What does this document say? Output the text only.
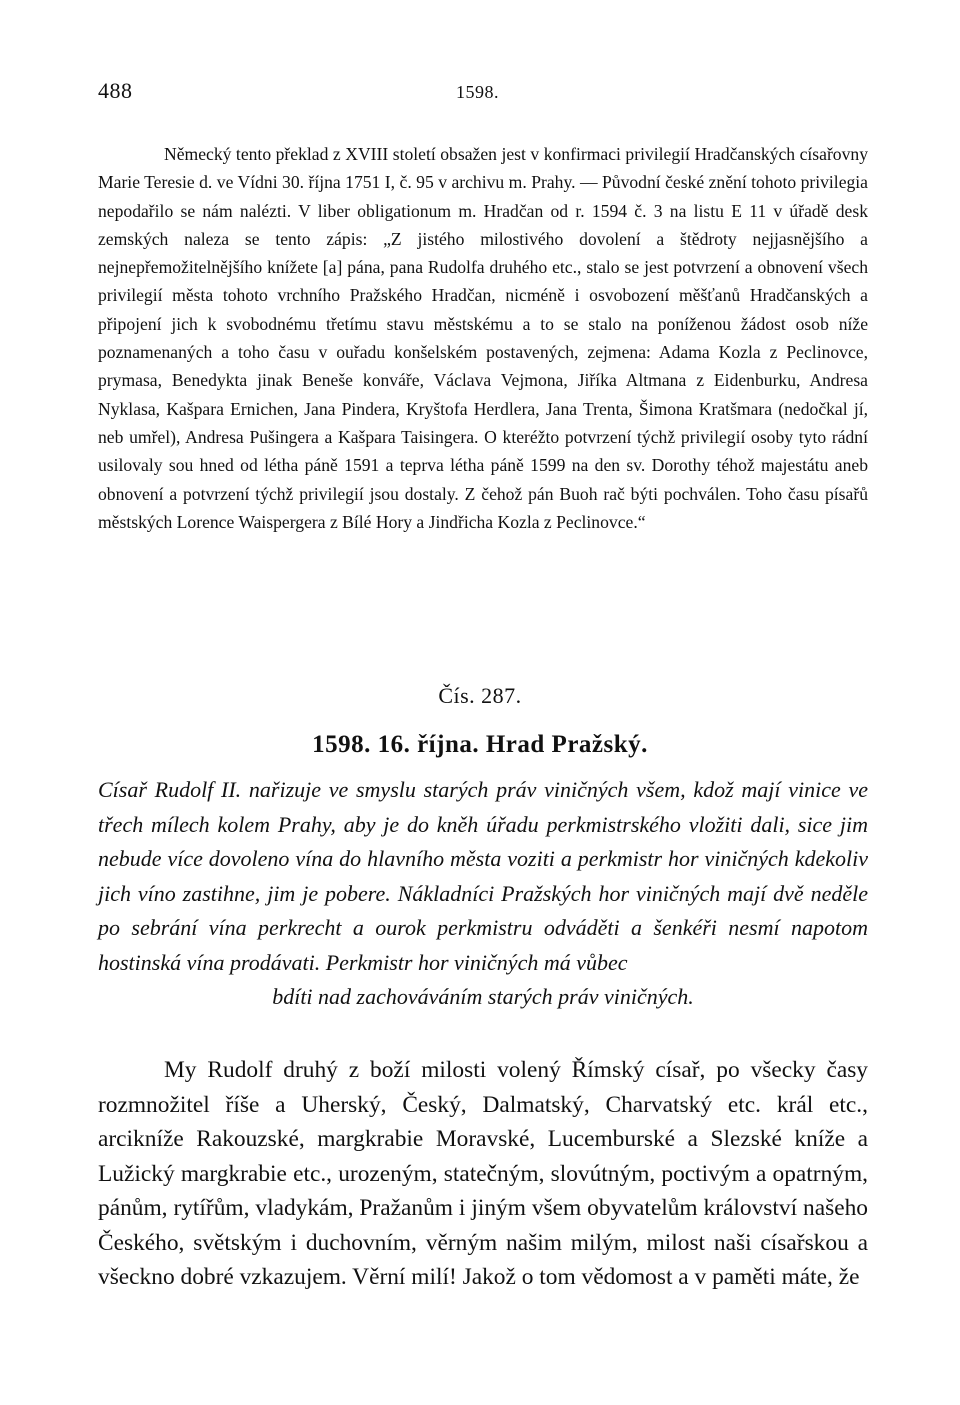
488	1598.

Německý tento překlad z XVIII století obsažen jest v konfirmaci privilegií Hradčanských císařovny Marie Teresie d. ve Vídni 30. října 1751 I, č. 95 v archivu m. Prahy. — Původní české znění tohoto privilegia nepodařilo se nám nalézti. V liber obligationum m. Hradčan od r. 1594 č. 3 na listu E 11 v úřadě desk zemských naleza se tento zápis: „Z jistého milostivého dovolení a štědroty nejjasnějšího a nejnepřemožitelnějšího knížete [a] pána, pana Rudolfa druhého etc., stalo se jest potvrzení a obnovení všech privilegií města tohoto vrchního Pražského Hradčan, nicméně i osvobození měšťanů Hradčanských a připojení jich k svobodnému třetímu stavu městskému a to se stalo na poníženou žádost osob níže poznamenaných a toho času v ouřadu konšelském postavených, zejmena: Adama Kozla z Peclinovce, prymasa, Benedykta jinak Beneše konváře, Václava Vejmona, Jiříka Altmana z Eidenburku, Andresa Nyklasa, Kašpara Ernichen, Jana Pindera, Kryštofa Herdlera, Jana Trenta, Šimona Kratšmara (nedočkal jí, neb umřel), Andresa Pušingera a Kašpara Taisingera. O kteréžto potvrzení týchž privilegií osoby tyto rádní usilovaly sou hned od létha páně 1591 a teprva létha páně 1599 na den sv. Dorothy téhož majestátu aneb obnovení a potvrzení týchž privilegií jsou dostaly. Z čehož pán Buoh rač býti pochválen. Toho času písařů městských Lorence Waispergera z Bílé Hory a Jindřicha Kozla z Peclinovce.“

Čís. 287.

1598. 16. října. Hrad Pražský.

Císař Rudolf II. nařizuje ve smyslu starých práv viničných všem, kdož mají vinice ve třech mílech kolem Prahy, aby je do kněh úřadu perkmistrského vložiti dali, sice jim nebude více dovoleno vína do hlavního města voziti a perkmistr hor viničných kdekoliv jich víno zastihne, jim je pobere. Nákladníci Pražských hor viničných mají dvě neděle po sebrání vína perkrecht a ourok perkmistru odváděti a šenkéři nesmí napotom hostinská vína prodávati. Perkmistr hor viničných má vůbec
bdíti nad zachováváním starých práv viničných.

My Rudolf druhý z boží milosti volený Římský císař, po všecky časy rozmnožitel říše a Uherský, Český, Dalmatský, Charvatský etc. král etc., arcikníže Rakouzské, margkrabie Moravské, Lucemburské a Slezské kníže a Lužický margkrabie etc., urozeným, statečným, slovútným, poctivým a opatrným, pánům, rytířům, vladykám, Pražanům i jiným všem obyvatelům království našeho Českého, světským i duchovním, věrným našim milým, milost naši císařskou a všeckno dobré vzkazujem. Věrní milí! Jakož o tom vědomost a v paměti máte, že
